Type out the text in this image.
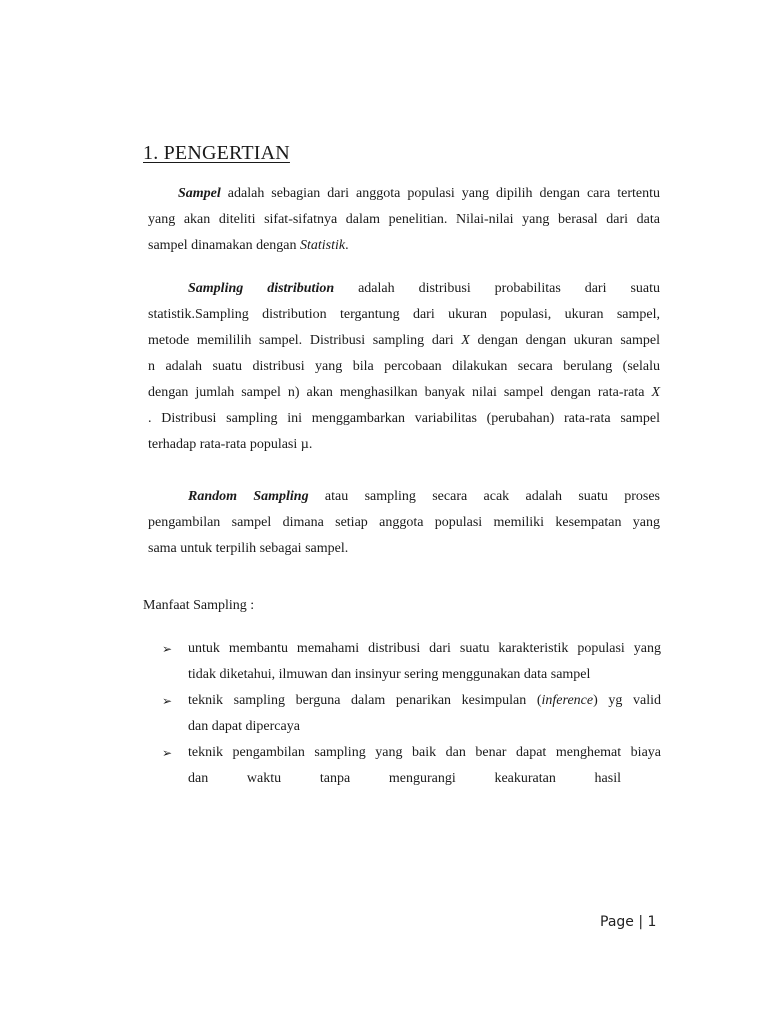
1. PENGERTIAN
Sampel adalah sebagian dari anggota populasi yang dipilih dengan cara tertentu
yang akan diteliti sifat-sifatnya dalam penelitian. Nilai-nilai yang berasal dari data
sampel dinamakan dengan Statistik.
Sampling distribution adalah distribusi probabilitas dari suatu
statistik.Sampling distribution tergantung dari ukuran populasi, ukuran sampel,
metode memililih sampel. Distribusi sampling dari X dengan dengan ukuran sampel
n adalah suatu distribusi yang bila percobaan dilakukan secara berulang (selalu
dengan jumlah sampel n) akan menghasilkan banyak nilai sampel dengan rata-rata X
. Distribusi sampling ini menggambarkan variabilitas (perubahan) rata-rata sampel
terhadap rata-rata populasi µ.
Random Sampling atau sampling secara acak adalah suatu proses
pengambilan sampel dimana setiap anggota populasi memiliki kesempatan yang
sama untuk terpilih sebagai sampel.
Manfaat Sampling :
➢ untuk membantu memahami distribusi dari suatu karakteristik populasi yang
tidak diketahui, ilmuwan dan insinyur sering menggunakan data sampel
➢ teknik sampling berguna dalam penarikan kesimpulan (inference) yg valid
dan dapat dipercaya
➢ teknik pengambilan sampling yang baik dan benar dapat menghemat biaya
dan waktu tanpa mengurangi keakuratan hasil
Page | 1
